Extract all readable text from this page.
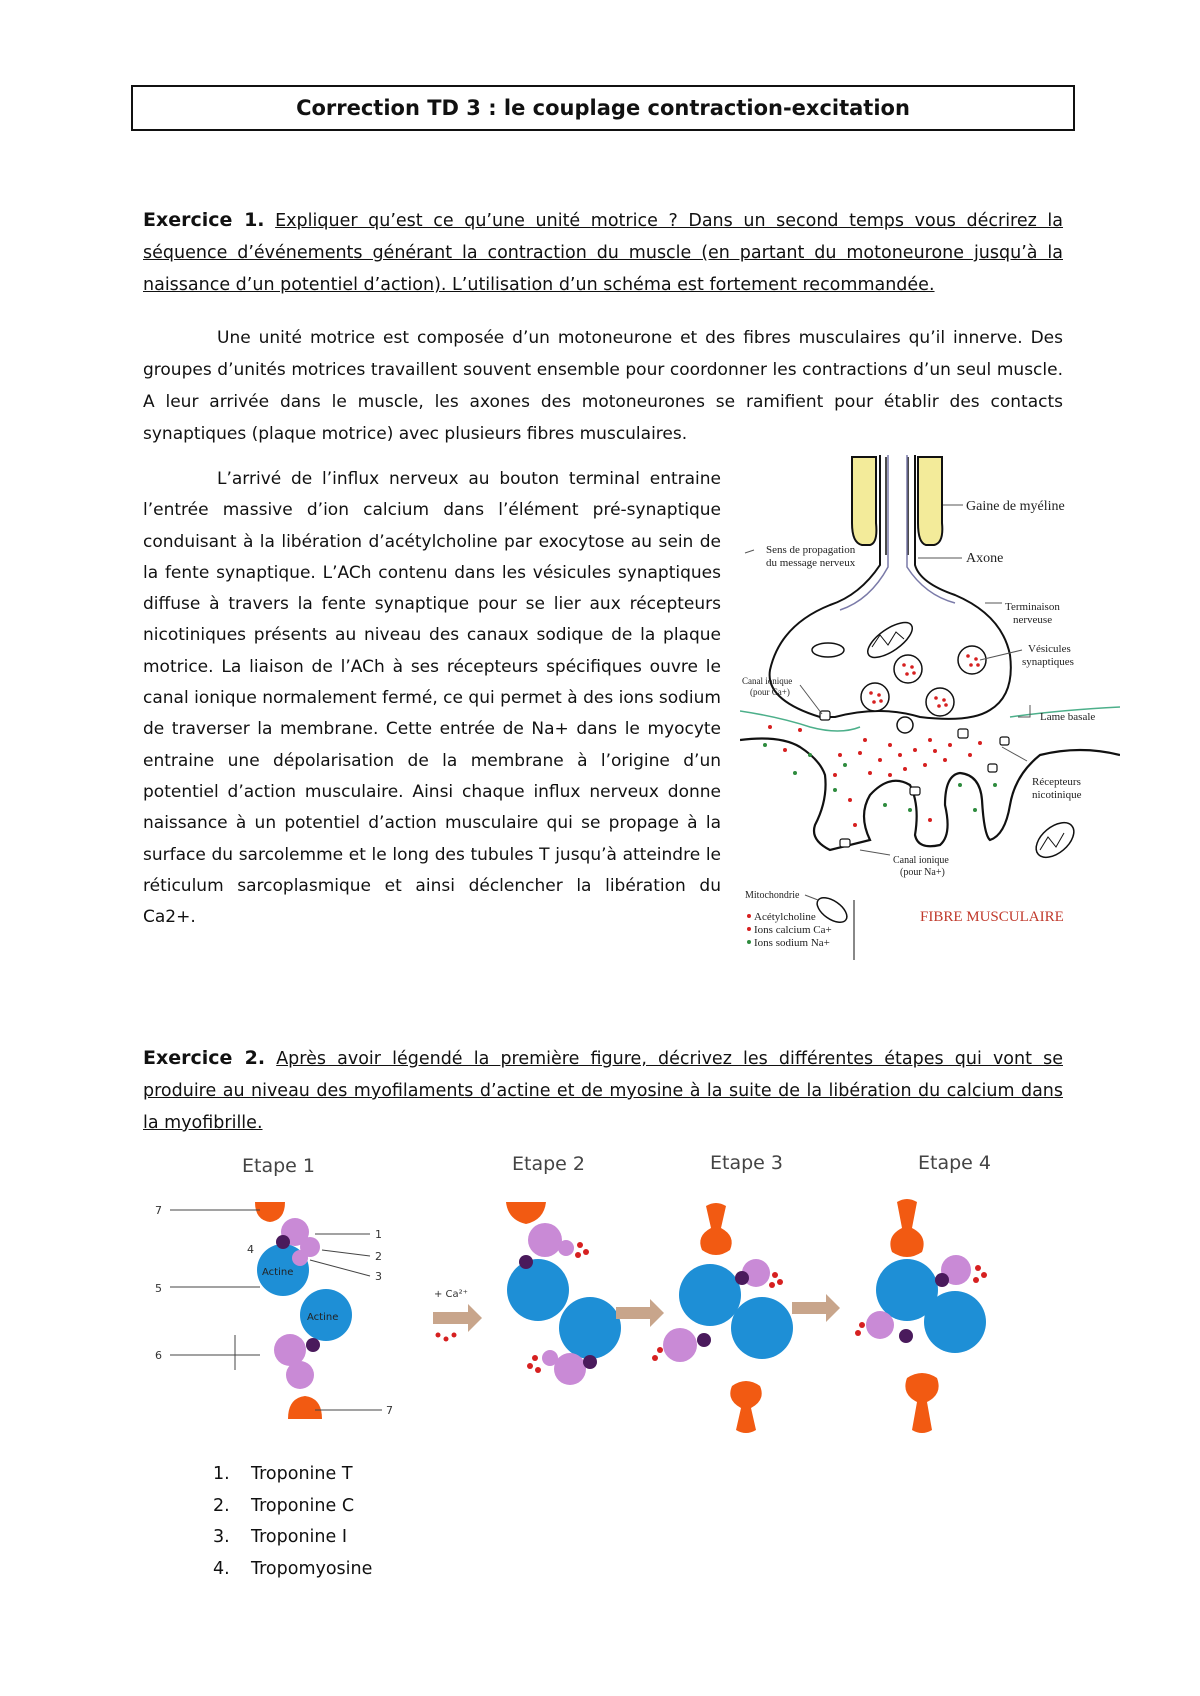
Correction TD 3 : le couplage contraction-excitation
Exercice 1. Expliquer qu’est ce qu’une unité motrice ? Dans un second temps vous décrirez la séquence d’événements générant la contraction du muscle (en partant du motoneurone jusqu’à la naissance d’un potentiel d’action). L’utilisation d’un schéma est fortement recommandée.
Une unité motrice est composée d’un motoneurone et des fibres musculaires qu’il innerve. Des groupes d’unités motrices travaillent souvent ensemble pour coordonner les contractions d’un seul muscle. A leur arrivée dans le muscle, les axones des motoneurones se ramifient pour établir des contacts synaptiques (plaque motrice) avec plusieurs fibres musculaires.
L’arrivé de l’influx nerveux au bouton terminal entraine l’entrée massive d’ion calcium dans l’élément pré-synaptique conduisant à la libération d’acétylcholine par exocytose au sein de la fente synaptique. L’ACh contenu dans les vésicules synaptiques diffuse à travers la fente synaptique pour se lier aux récepteurs nicotiniques présents au niveau des canaux sodique de la plaque motrice. La liaison de l’ACh à ses récepteurs spécifiques ouvre le canal ionique normalement fermé, ce qui permet à des ions sodium de traverser la membrane. Cette entrée de Na+ dans le myocyte entraine une dépolarisation de la membrane à l’origine d’un potentiel d’action musculaire. Ainsi chaque influx nerveux donne naissance à un potentiel d’action musculaire qui se propage à la surface du sarcolemme et le long des tubules T jusqu’à atteindre le réticulum sarcoplasmique et ainsi déclencher la libération du Ca2+.
Gaine de myéline
Sens de propagation
du message nerveux	Axone
Terminaison
nerveuse
Vésicules
synaptiques
Canal ionique
(pour Ca+)
Lame basale
Récepteurs
nicotinique
Canal ionique
(pour Na+)
Mitochondrie
Acétylcholine
Ions calcium Ca+
Ions sodium Na+
FIBRE MUSCULAIRE
Exercice 2. Après avoir légendé la première figure, décrivez les différentes étapes qui vont se produire au niveau des myofilaments d’actine et de myosine à la suite de la libération du calcium dans la myofibrille.
Etape 1	Etape 2	Etape 3	Etape 4
Actine
Actine
7
1
4
2
3
5
6
7
+ Ca²⁺
1.	Troponine T
2.	Troponine C
3.	Troponine I
4.	Tropomyosine
